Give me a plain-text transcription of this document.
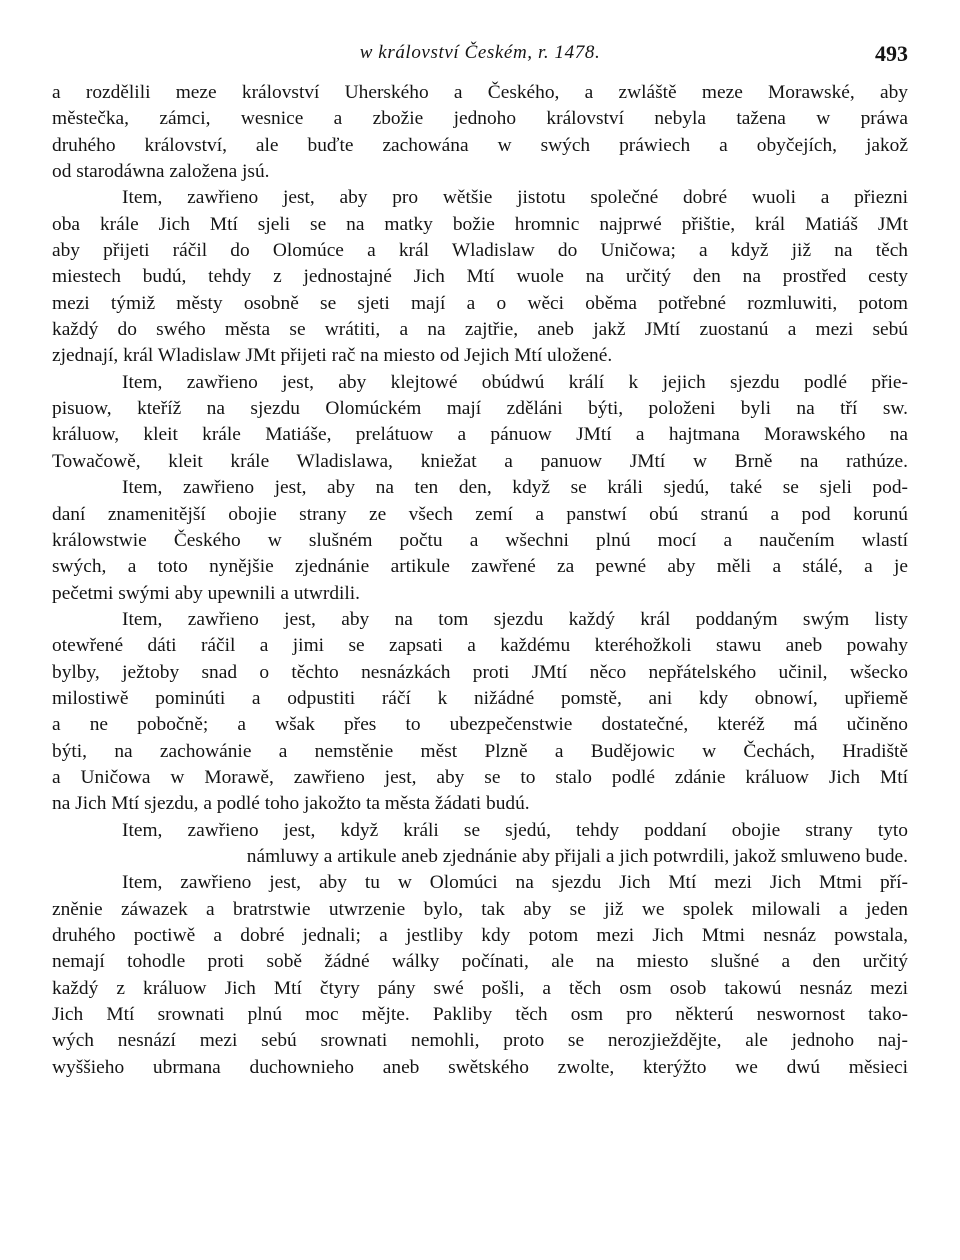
w království Českém, r. 1478.	493
a rozdělili meze království Uherského a Českého, a zwláště meze Morawské, aby
městečka, zámci, wesnice a zbožie jednoho království nebyla tažena w práwa
druhého království, ale buďte zachowána w swých práwiech a obyčejích, jakož
od starodáwna založena jsú.
Item, zawřieno jest, aby pro wětšie jistotu společné dobré wuoli a přiezni
oba krále Jich Mtí sjeli se na matky božie hromnic najprwé přištie, král Matiáš JMt
aby přijeti ráčil do Olomúce a král Wladislaw do Uničowa; a když již na těch
miestech budú, tehdy z jednostajné Jich Mtí wuole na určitý den na prostřed cesty
mezi týmiž městy osobně se sjeti mají a o wěci oběma potřebné rozmluwiti, potom
každý do swého města se wrátiti, a na zajtřie, aneb jakž JMtí zuostanú a mezi sebú
zjednají, král Wladislaw JMt přijeti rač na miesto od Jejich Mtí uložené.
Item, zawřieno jest, aby klejtowé obúdwú králí k jejich sjezdu podlé přie-
pisuow, kteříž na sjezdu Olomúckém mají zděláni býti, položeni byli na tří sw.
králuow, kleit krále Matiáše, prelátuow a pánuow JMtí a hajtmana Morawského na
Towačowě, kleit krále Wladislawa, kniežat a panuow JMtí w Brně na rathúze.
Item, zawřieno jest, aby na ten den, když se králi sjedú, také se sjeli pod-
daní znamenitější obojie strany ze všech zemí a panstwí obú stranú a pod korunú
králowstwie Českého w slušném počtu a wšechni plnú mocí a naučením wlastí
swých, a toto nynějšie zjednánie artikule zawřené za pewné aby měli a stálé, a je
pečetmi swými aby upewnili a utwrdili.
Item, zawřieno jest, aby na tom sjezdu každý král poddaným swým listy
otewřené dáti ráčil a jimi se zapsati a každému kteréhožkoli stawu aneb powahy
bylby, ježtoby snad o těchto nesnázkách proti JMtí něco nepřátelského učinil, wšecko
milostiwě pominúti a odpustiti ráčí k nižádné pomstě, ani kdy obnowí, upřiemě
a ne pobočně; a wšak přes to ubezpečenstwie dostatečné, kteréž má učiněno
býti, na zachowánie a nemstěnie měst Plzně a Budějowic w Čechách, Hradiště
a Uničowa w Morawě, zawřieno jest, aby se to stalo podlé zdánie králuow Jich Mtí
na Jich Mtí sjezdu, a podlé toho jakožto ta města žádati budú.
Item, zawřieno jest, když králi se sjedú, tehdy poddaní obojie strany tyto
námluwy a artikule aneb zjednánie aby přijali a jich potwrdili, jakož smluweno bude.
Item, zawřieno jest, aby tu w Olomúci na sjezdu Jich Mtí mezi Jich Mtmi pří-
zněnie záwazek a bratrstwie utwrzenie bylo, tak aby se již we spolek milowali a jeden
druhého poctiwě a dobré jednali; a jestliby kdy potom mezi Jich Mtmi nesnáz powstala,
nemají tohodle proti sobě žádné wálky počínati, ale na miesto slušné a den určitý
každý z králuow Jich Mtí čtyry pány swé pošli, a těch osm osob takowú nesnáz mezi
Jich Mtí srownati plnú moc mějte. Pakliby těch osm pro některú neswornost tako-
wých nesnází mezi sebú srownati nemohli, proto se nerozjieždějte, ale jednoho naj-
wyššieho ubrmana duchownieho aneb swětského zwolte, kterýžto we dwú měsieci
